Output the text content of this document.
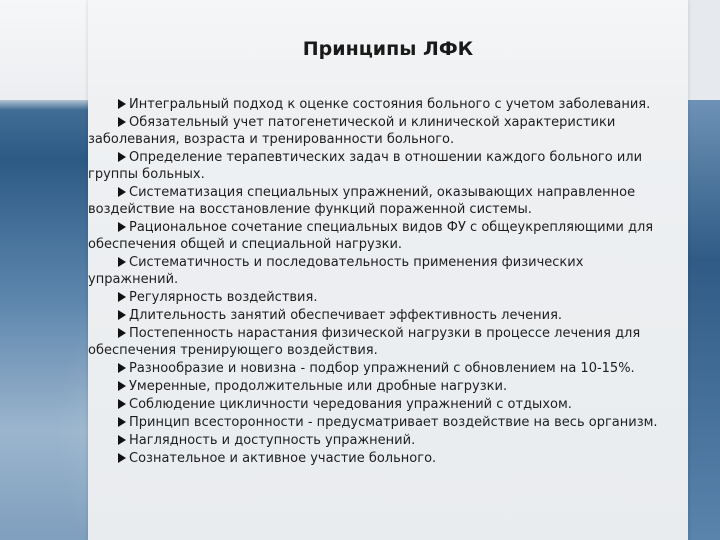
Принципы ЛФК
Интегральный подход к оценке состояния больного с учетом заболевания.
Обязательный учет патогенетической и клинической характеристики заболевания, возраста и тренированности больного.
Определение терапевтических задач в отношении каждого больного или группы больных.
Систематизация специальных упражнений, оказывающих направленное воздействие на восстановление функций пораженной системы.
Рациональное сочетание специальных видов ФУ с общеукрепляющими для обеспечения общей и специальной нагрузки.
Систематичность и последовательность применения физических упражнений.
Регулярность воздействия.
Длительность занятий обеспечивает эффективность лечения.
Постепенность нарастания физической нагрузки в процессе лечения для обеспечения тренирующего воздействия.
Разнообразие и новизна - подбор упражнений с обновлением на 10-15%.
Умеренные, продолжительные или дробные нагрузки.
Соблюдение цикличности чередования упражнений с отдыхом.
Принцип всесторонности - предусматривает воздействие на весь организм.
Наглядность и доступность упражнений.
Сознательное и активное участие больного.
